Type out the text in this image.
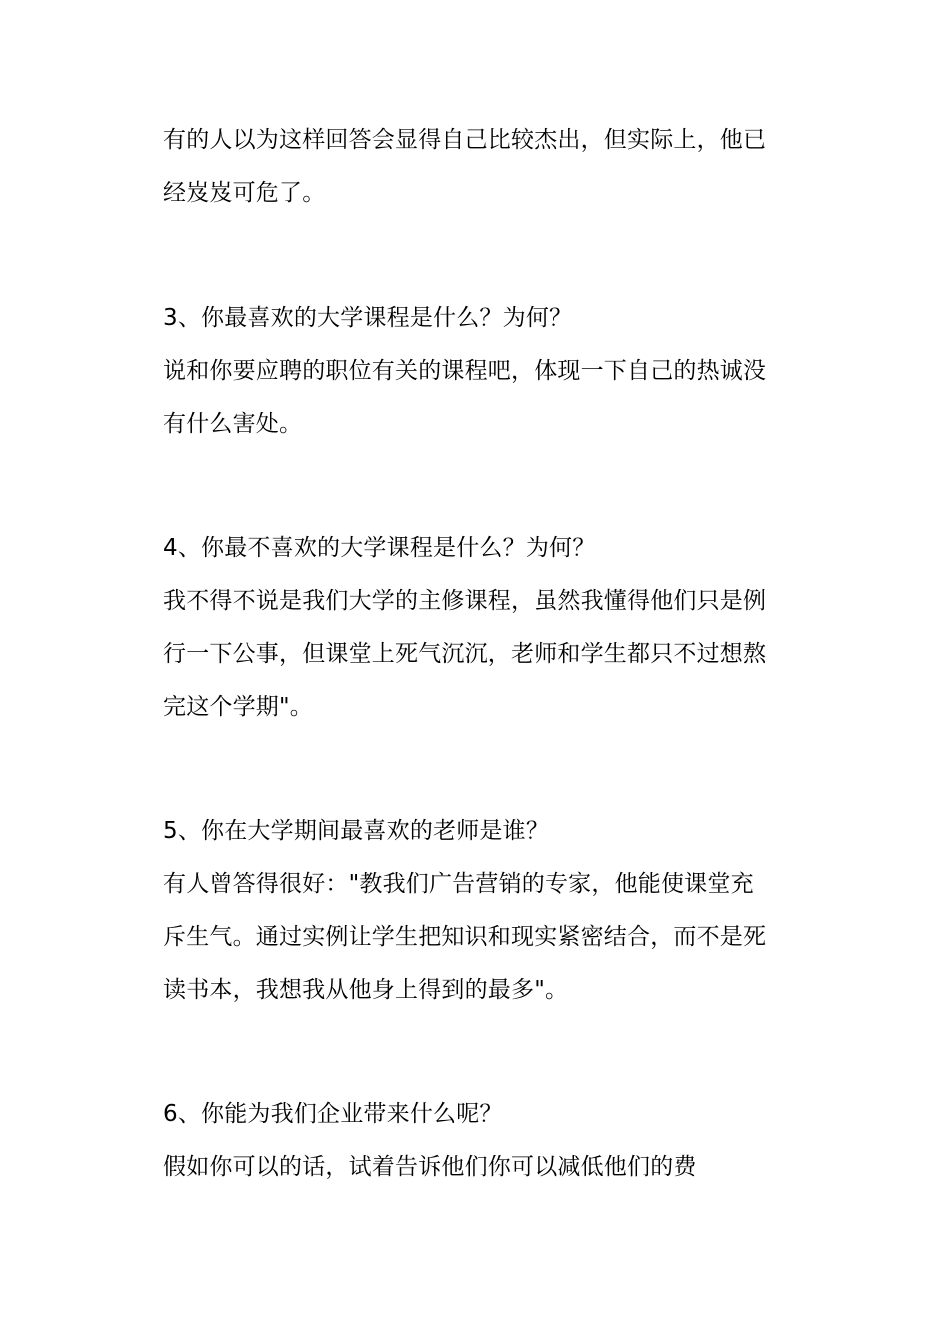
有的人以为这样回答会显得自己比较杰出，但实际上，他已
经岌岌可危了。
3、你最喜欢的大学课程是什么？为何？
说和你要应聘的职位有关的课程吧，体现一下自己的热诚没
有什么害处。
4、你最不喜欢的大学课程是什么？为何？
我不得不说是我们大学的主修课程，虽然我懂得他们只是例
行一下公事，但课堂上死气沉沉，老师和学生都只不过想熬
完这个学期"。
5、你在大学期间最喜欢的老师是谁？
有人曾答得很好："教我们广告营销的专家，他能使课堂充
斥生气。通过实例让学生把知识和现实紧密结合，而不是死
读书本，我想我从他身上得到的最多"。
6、你能为我们企业带来什么呢？
假如你可以的话，试着告诉他们你可以减低他们的费
